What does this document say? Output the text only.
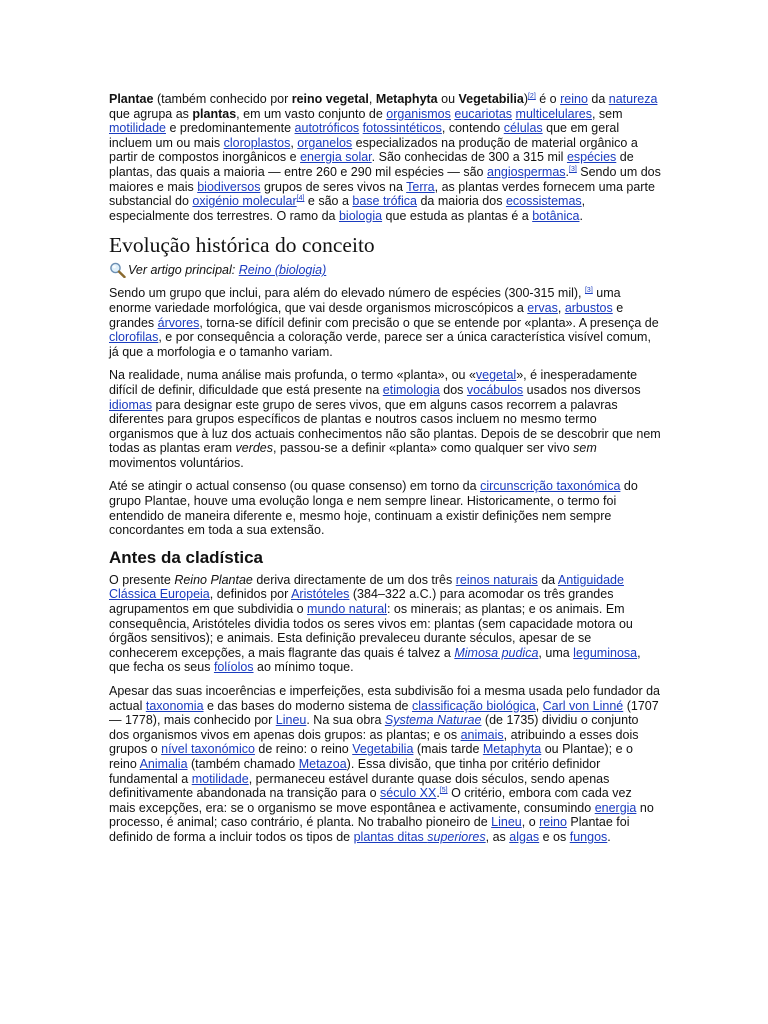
Plantae (também conhecido por reino vegetal, Metaphyta ou Vegetabilia)[2] é o reino da natureza que agrupa as plantas, em um vasto conjunto de organismos eucariotas multicelulares, sem motilidade e predominantemente autotróficos fotossintéticos, contendo células que em geral incluem um ou mais cloroplastos, organelos especializados na produção de material orgânico a partir de compostos inorgânicos e energia solar. São conhecidas de 300 a 315 mil espécies de plantas, das quais a maioria — entre 260 e 290 mil espécies — são angiospermas.[3] Sendo um dos maiores e mais biodiversos grupos de seres vivos na Terra, as plantas verdes fornecem uma parte substancial do oxigénio molecular[4] e são a base trófica da maioria dos ecossistemas, especialmente dos terrestres. O ramo da biologia que estuda as plantas é a botânica.

Evolução histórica do conceito
Ver artigo principal: Reino (biologia)

Sendo um grupo que inclui, para além do elevado número de espécies (300-315 mil), [3] uma enorme variedade morfológica, que vai desde organismos microscópicos a ervas, arbustos e grandes árvores, torna-se difícil definir com precisão o que se entende por «planta». A presença de clorofilas, e por consequência a coloração verde, parece ser a única característica visível comum, já que a morfologia e o tamanho variam.

Na realidade, numa análise mais profunda, o termo «planta», ou «vegetal», é inesperadamente difícil de definir, dificuldade que está presente na etimologia dos vocábulos usados nos diversos idiomas para designar este grupo de seres vivos, que em alguns casos recorrem a palavras diferentes para grupos específicos de plantas e noutros casos incluem no mesmo termo organismos que à luz dos actuais conhecimentos não são plantas. Depois de se descobrir que nem todas as plantas eram verdes, passou-se a definir «planta» como qualquer ser vivo sem movimentos voluntários.

Até se atingir o actual consenso (ou quase consenso) em torno da circunscrição taxonómica do grupo Plantae, houve uma evolução longa e nem sempre linear. Historicamente, o termo foi entendido de maneira diferente e, mesmo hoje, continuam a existir definições nem sempre concordantes em toda a sua extensão.

Antes da cladística

O presente Reino Plantae deriva directamente de um dos três reinos naturais da Antiguidade Clássica Europeia, definidos por Aristóteles (384–322 a.C.) para acomodar os três grandes agrupamentos em que subdividia o mundo natural: os minerais; as plantas; e os animais. Em consequência, Aristóteles dividia todos os seres vivos em: plantas (sem capacidade motora ou órgãos sensitivos); e animais. Esta definição prevaleceu durante séculos, apesar de se conhecerem excepções, a mais flagrante das quais é talvez a Mimosa pudica, uma leguminosa, que fecha os seus folíolos ao mínimo toque.

Apesar das suas incoerências e imperfeições, esta subdivisão foi a mesma usada pelo fundador da actual taxonomia e das bases do moderno sistema de classificação biológica, Carl von Linné (1707 — 1778), mais conhecido por Lineu. Na sua obra Systema Naturae (de 1735) dividiu o conjunto dos organismos vivos em apenas dois grupos: as plantas; e os animais, atribuindo a esses dois grupos o nível taxonómico de reino: o reino Vegetabilia (mais tarde Metaphyta ou Plantae); e o reino Animalia (também chamado Metazoa). Essa divisão, que tinha por critério definidor fundamental a motilidade, permaneceu estável durante quase dois séculos, sendo apenas definitivamente abandonada na transição para o século XX.[5] O critério, embora com cada vez mais excepções, era: se o organismo se move espontânea e activamente, consumindo energia no processo, é animal; caso contrário, é planta. No trabalho pioneiro de Lineu, o reino Plantae foi definido de forma a incluir todos os tipos de plantas ditas superiores, as algas e os fungos.
